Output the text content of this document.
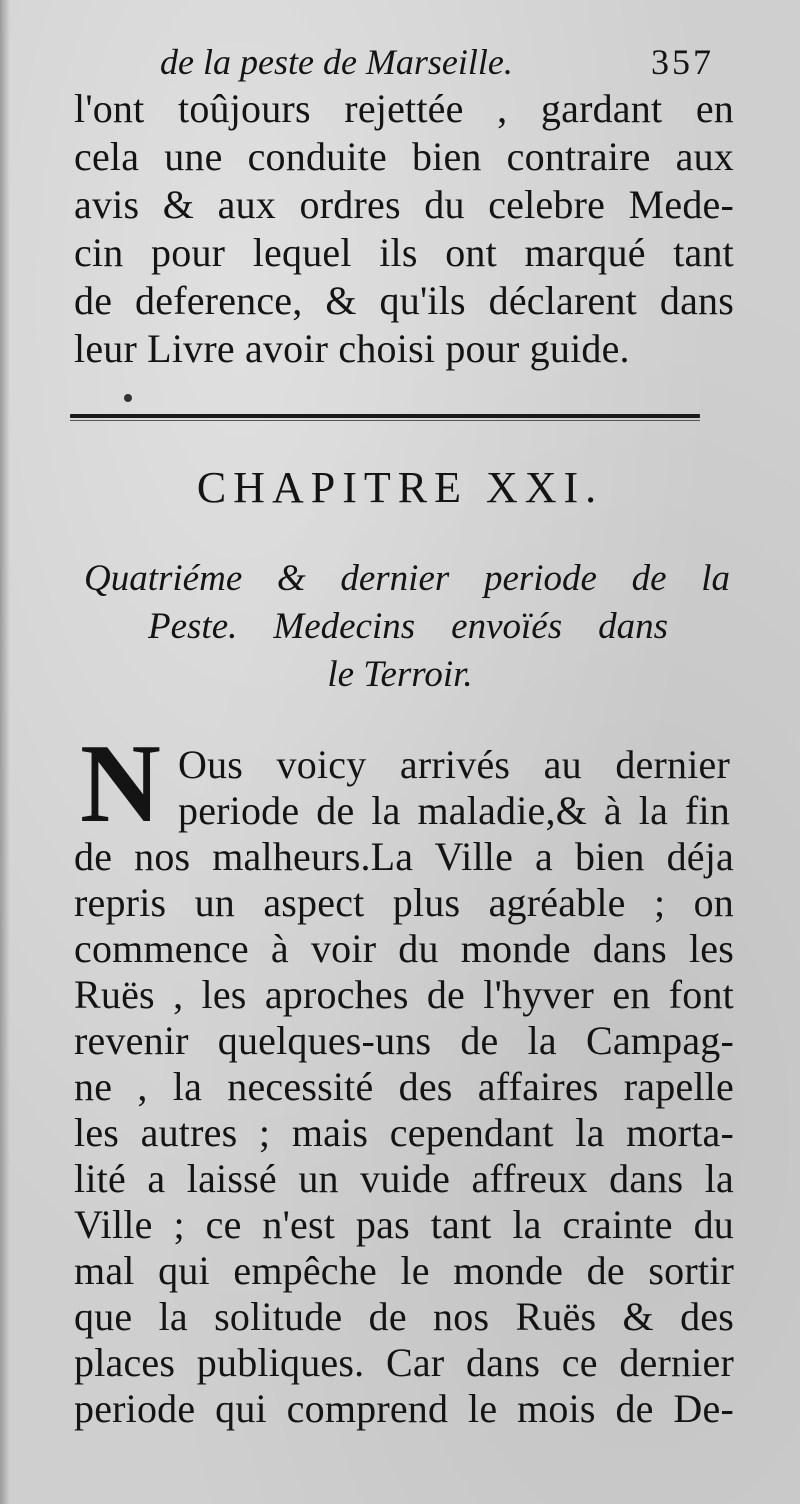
de la peste de Marseille.	357
l'ont toûjours rejettée , gardant en
cela une conduite bien contraire aux
avis & aux ordres du celebre Mede-
cin pour lequel ils ont marqué tant
de deference, & qu'ils déclarent dans
leur Livre avoir choisi pour guide.
CHAPITRE XXI.
Quatriéme & dernier periode de la
Peste. Medecins envoïés dans
le Terroir.
N Ous voicy arrivés au dernier
periode de la maladie,& à la fin
de nos malheurs.La Ville a bien déja
repris un aspect plus agréable ; on
commence à voir du monde dans les
Ruës , les aproches de l'hyver en font
revenir quelques-uns de la Campag-
ne , la necessité des affaires rapelle
les autres ; mais cependant la morta-
lité a laissé un vuide affreux dans la
Ville ; ce n'est pas tant la crainte du
mal qui empêche le monde de sortir
que la solitude de nos Ruës & des
places publiques. Car dans ce dernier
periode qui comprend le mois de De-
